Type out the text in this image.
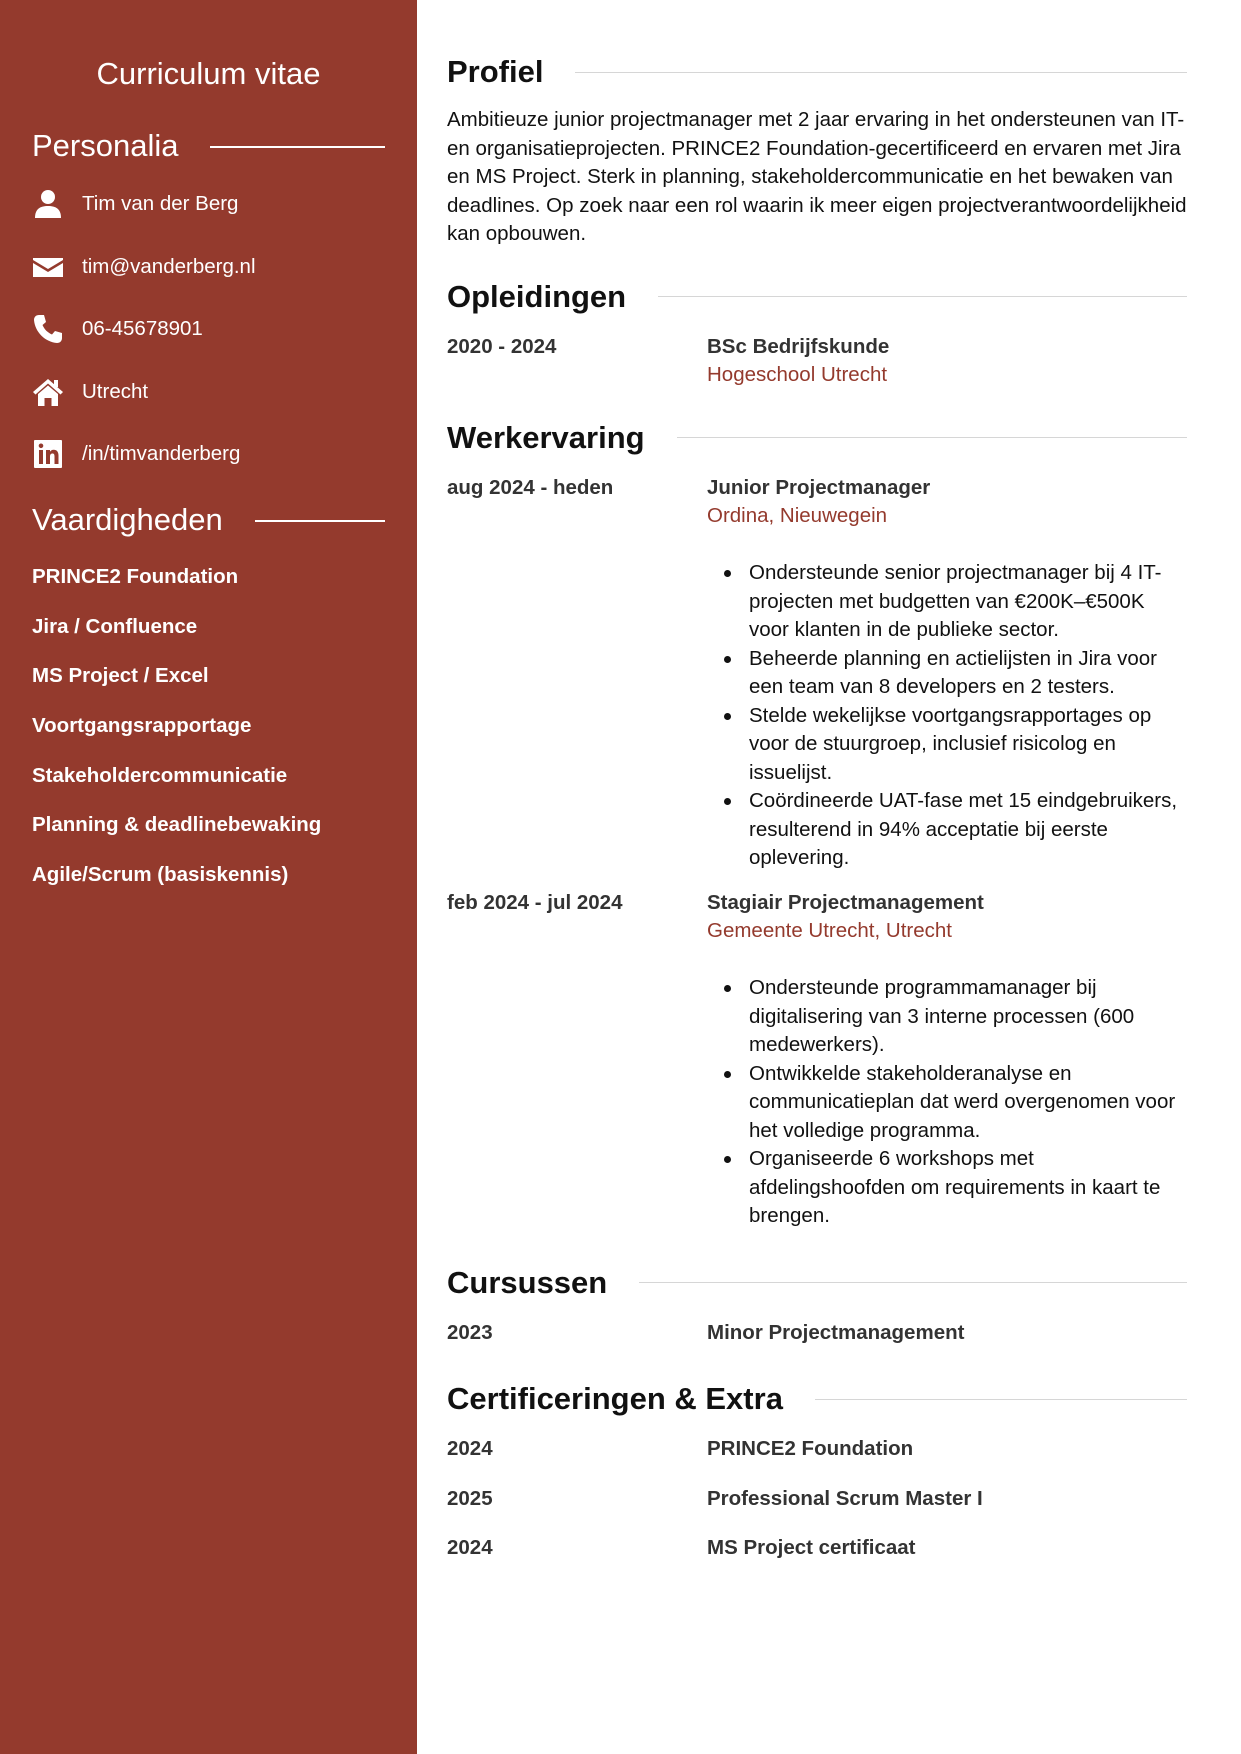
Curriculum vitae
Personalia
Tim van der Berg
tim@vanderberg.nl
06-45678901
Utrecht
/in/timvanderberg
Vaardigheden
PRINCE2 Foundation
Jira / Confluence
MS Project / Excel
Voortgangsrapportage
Stakeholdercommunicatie
Planning & deadlinebewaking
Agile/Scrum (basiskennis)
Profiel

Ambitieuze junior projectmanager met 2 jaar ervaring in het ondersteunen van IT- en organisatieprojecten. PRINCE2 Foundation-gecertificeerd en ervaren met Jira en MS Project. Sterk in planning, stakeholdercommunicatie en het bewaken van deadlines. Op zoek naar een rol waarin ik meer eigen projectverantwoordelijkheid kan opbouwen.

Opleidingen
2020 - 2024	BSc Bedrijfskunde
Hogeschool Utrecht
Werkervaring
aug 2024 - heden	Junior Projectmanager
Ordina, Nieuwegein
Ondersteunde senior projectmanager bij 4 IT-projecten met budgetten van €200K–€500K voor klanten in de publieke sector.
Beheerde planning en actielijsten in Jira voor een team van 8 developers en 2 testers.
Stelde wekelijkse voortgangsrapportages op voor de stuurgroep, inclusief risicolog en issuelijst.
Coördineerde UAT-fase met 15 eindgebruikers, resulterend in 94% acceptatie bij eerste oplevering.
feb 2024 - jul 2024	Stagiair Projectmanagement
Gemeente Utrecht, Utrecht
Ondersteunde programmamanager bij digitalisering van 3 interne processen (600 medewerkers).
Ontwikkelde stakeholderanalyse en communicatieplan dat werd overgenomen voor het volledige programma.
Organiseerde 6 workshops met afdelingshoofden om requirements in kaart te brengen.
Cursussen
2023	Minor Projectmanagement
Certificeringen & Extra
2024	PRINCE2 Foundation
2025	Professional Scrum Master I
2024	MS Project certificaat
